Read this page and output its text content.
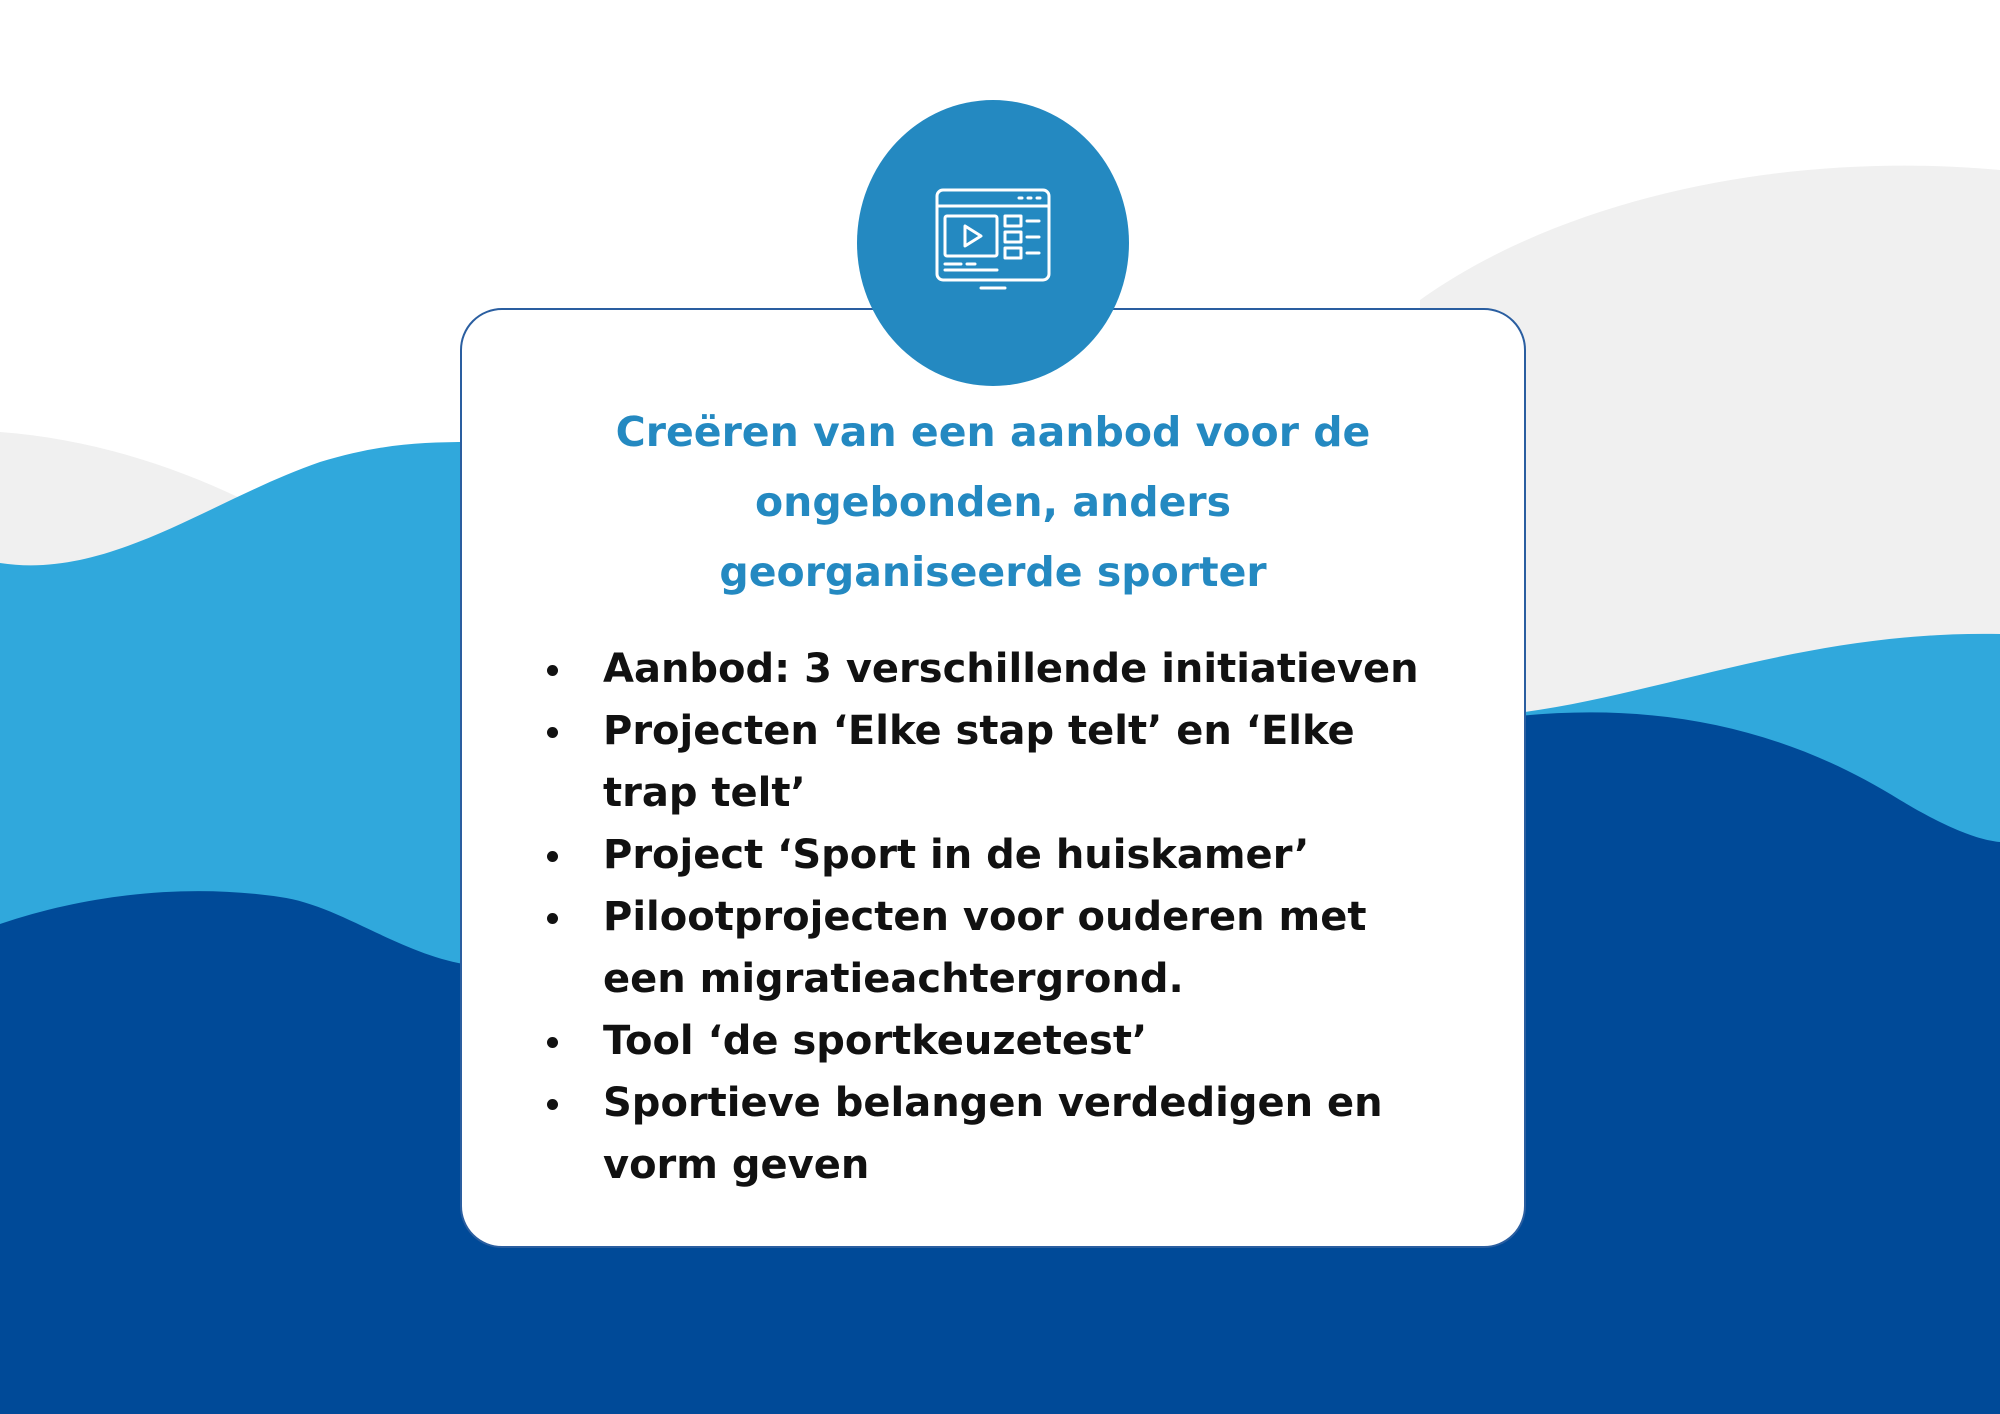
Creëren van een aanbod voor de
ongebonden, anders
georganiseerde sporter
Aanbod: 3 verschillende initiatieven
Projecten ‘Elke stap telt’ en ‘Elke trap telt’
Project ‘Sport in de huiskamer’
Pilootprojecten voor ouderen met een migratieachtergrond.
Tool ‘de sportkeuzetest’
Sportieve belangen verdedigen en vorm geven
